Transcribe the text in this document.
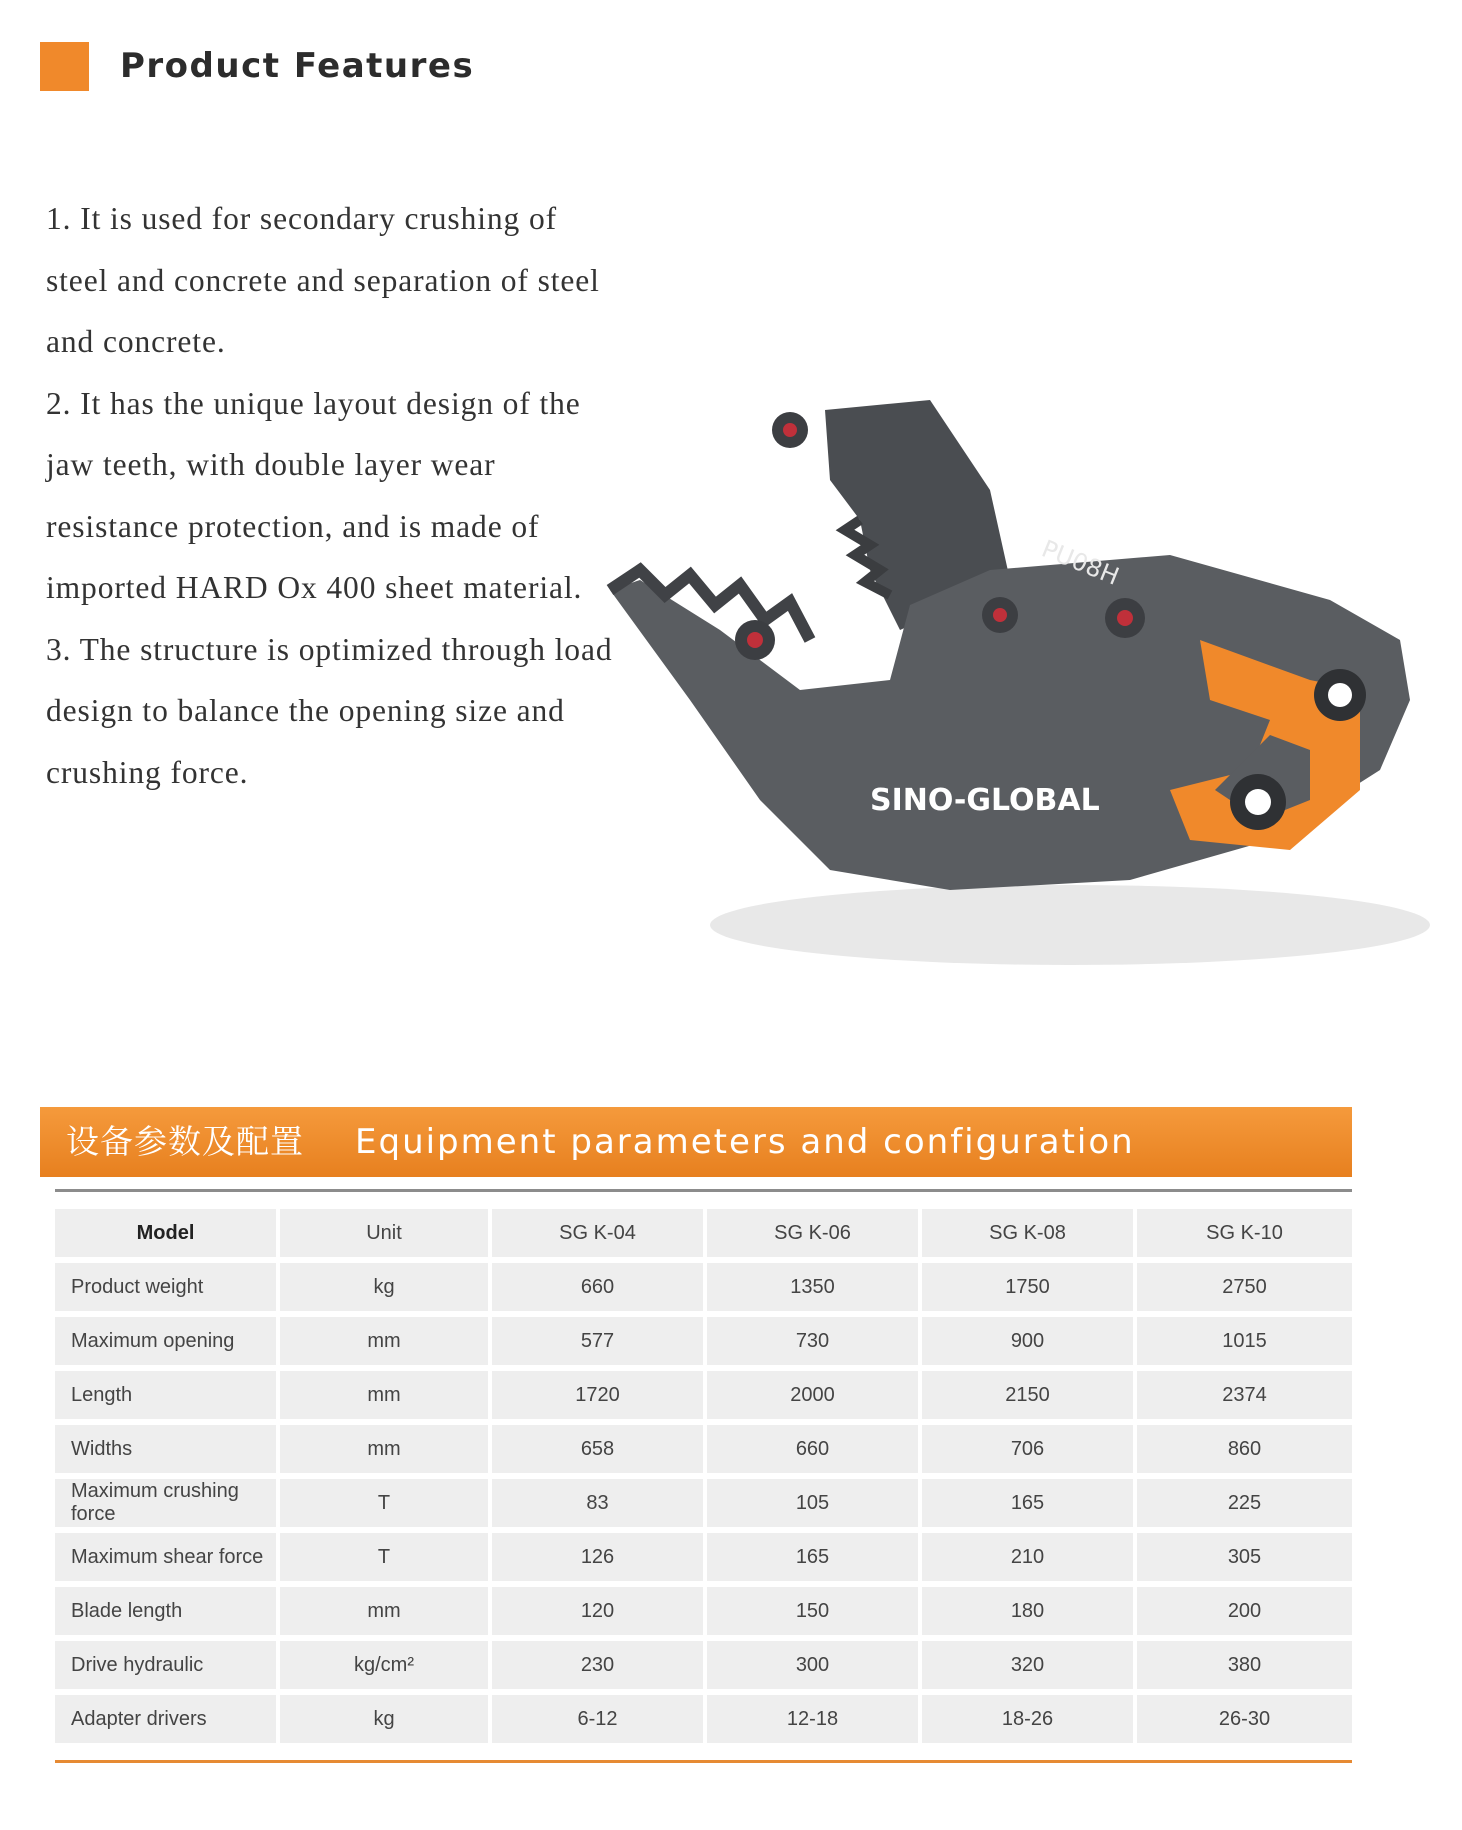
Product Features

1. It is used for secondary crushing of steel and concrete and separation of steel and concrete.

2. It has the unique layout design of the jaw teeth, with double layer wear resistance protection, and is made of imported HARD Ox 400 sheet material.

3. The structure is optimized through load design to balance the opening size and crushing force.

PU08H
SINO-GLOBAL
设备参数及配置 Equipment parameters and configuration
Model	Unit	SG K-04	SG K-06	SG K-08	SG K-10
Product weight	kg	660	1350	1750	2750
Maximum opening	mm	577	730	900	1015
Length	mm	1720	2000	2150	2374
Widths	mm	658	660	706	860
Maximum crushing force	T	83	105	165	225
Maximum shear force	T	126	165	210	305
Blade length	mm	120	150	180	200
Drive hydraulic	kg/cm²	230	300	320	380
Adapter drivers	kg	6-12	12-18	18-26	26-30
